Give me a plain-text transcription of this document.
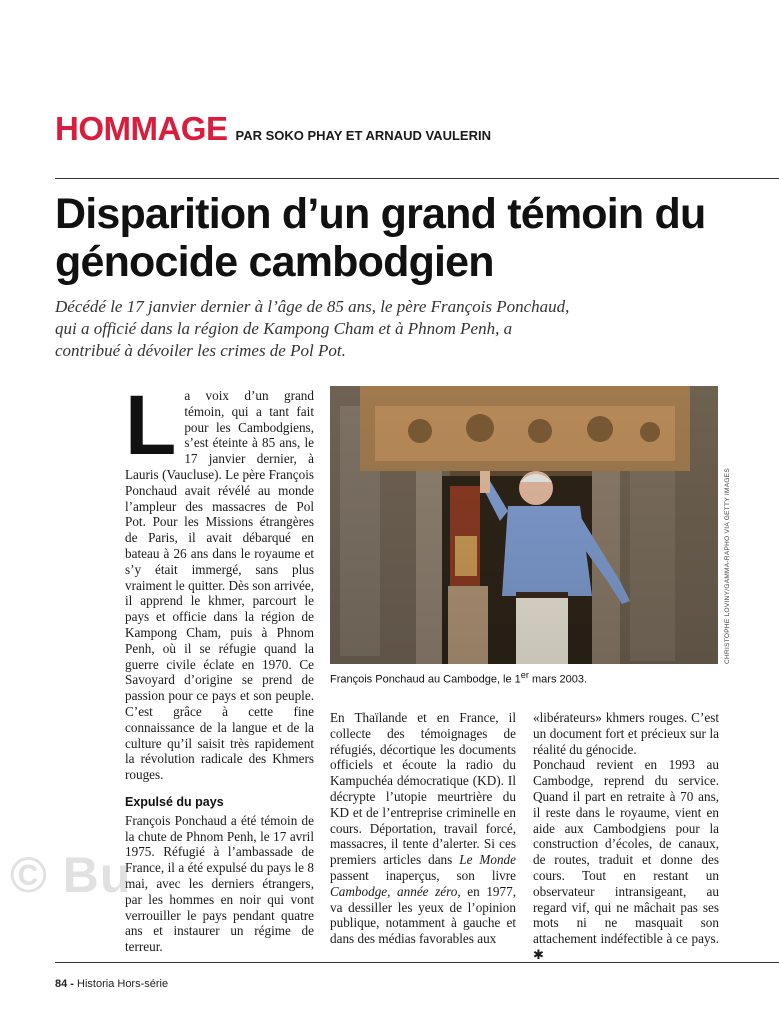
HOMMAGE PAR SOKO PHAY ET ARNAUD VAULERIN
Disparition d’un grand témoin du génocide cambodgien

Décédé le 17 janvier dernier à l’âge de 85 ans, le père François Ponchaud, qui a officié dans la région de Kampong Cham et à Phnom Penh, a contribué à dévoiler les crimes de Pol Pot.

L a voix d’un grand témoin, qui a tant fait pour les Cambodgiens, s’est éteinte à 85 ans, le 17 janvier dernier, à Lauris (Vaucluse). Le père François Ponchaud avait révélé au monde l’ampleur des massacres de Pol Pot. Pour les Missions étrangères de Paris, il avait débarqué en bateau à 26 ans dans le royaume et s’y était immergé, sans plus vraiment le quitter. Dès son arrivée, il apprend le khmer, parcourt le pays et officie dans la région de Kampong Cham, puis à Phnom Penh, où il se réfugie quand la guerre civile éclate en 1970. Ce Savoyard d’origine se prend de passion pour ce pays et son peuple. C’est grâce à cette fine connaissance de la langue et de la culture qu’il saisit très rapidement la révolution radicale des Khmers rouges.

Expulsé du pays

François Ponchaud a été témoin de la chute de Phnom Penh, le 17 avril 1975. Réfugié à l’ambassade de France, il a été expulsé du pays le 8 mai, avec les derniers étrangers, par les hommes en noir qui vont verrouiller le pays pendant quatre ans et instaurer un régime de terreur.

CHRISTOPHE LOVINY/GAMMA-RAPHO VIA GETTY IMAGES
François Ponchaud au Cambodge, le 1er mars 2003.

En Thaïlande et en France, il collecte des témoignages de réfugiés, décortique les documents officiels et écoute la radio du Kampuchéa démocratique (KD). Il décrypte l’utopie meurtrière du KD et de l’entreprise criminelle en cours. Déportation, travail forcé, massacres, il tente d’alerter. Si ces premiers articles dans Le Monde passent inaperçus, son livre Cambodge, année zéro, en 1977, va dessiller les yeux de l’opinion publique, notamment à gauche et dans des médias favorables aux

«libérateurs» khmers rouges. C’est un document fort et précieux sur la réalité du génocide.

Ponchaud revient en 1993 au Cambodge, reprend du service. Quand il part en retraite à 70 ans, il reste dans le royaume, vient en aide aux Cambodgiens pour la construction d’écoles, de canaux, de routes, traduit et donne des cours. Tout en restant un observateur intransigeant, au regard vif, qui ne mâchait pas ses mots ni ne masquait son attachement indéfectible à ce pays. ✱

© Bu
84 - Historia Hors-série
